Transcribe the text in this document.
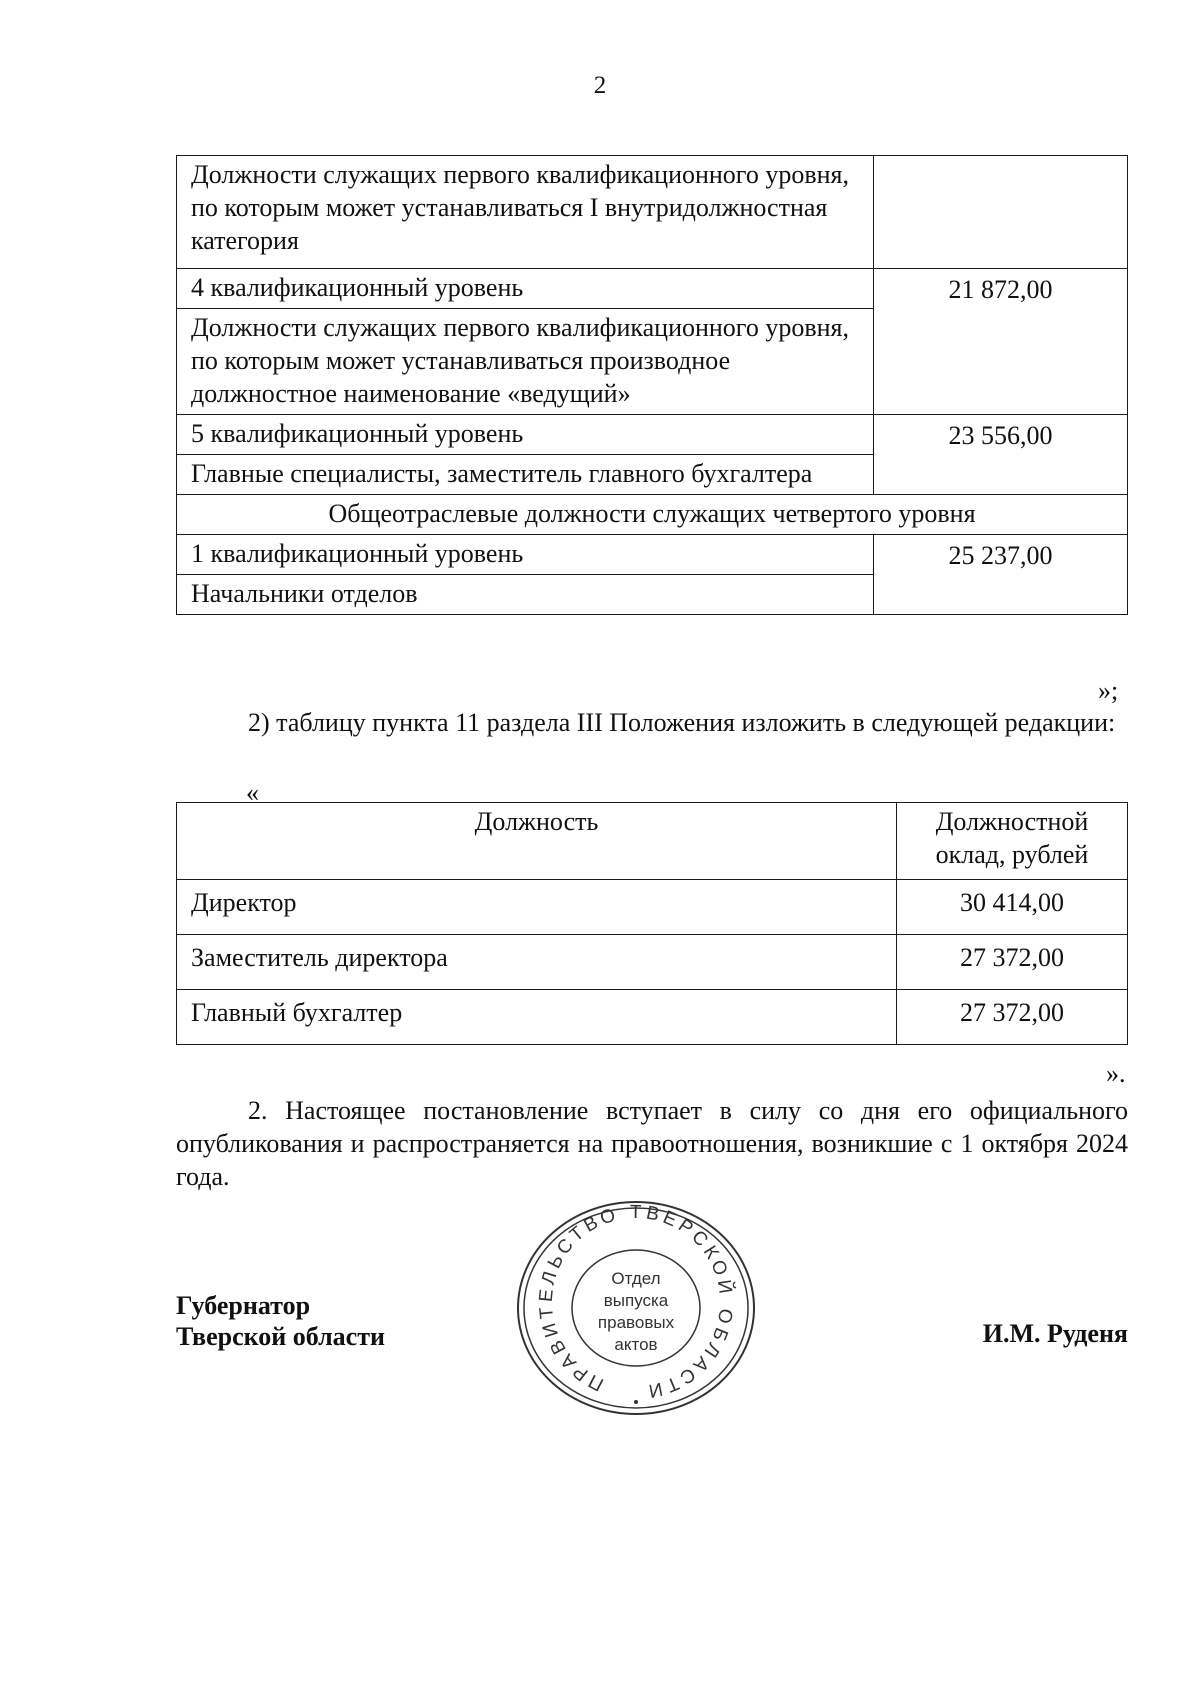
2
Должности служащих первого квалификационного уровня, по которым может устанавливаться I внутридолжностная категория	
4 квалификационный уровень	21 872,00
Должности служащих первого квалификационного уровня, по которым может устанавливаться производное должностное наименование «ведущий»	
5 квалификационный уровень	23 556,00
Главные специалисты, заместитель главного бухгалтера	
Общеотраслевые должности служащих четвертого уровня	
1 квалификационный уровень	25 237,00
Начальники отделов	
»;
2) таблицу пункта 11 раздела III Положения изложить в следующей редакции:
«
Должность	Должностной оклад, рублей
Директор	30 414,00
Заместитель директора	27 372,00
Главный бухгалтер	27 372,00
».
2. Настоящее постановление вступает в силу со дня его официального опубликования и распространяется на правоотношения, возникшие с 1 октября 2024 года.
Губернатор
Тверской области	И.М. Руденя
ПРАВИТЕЛЬСТВО ТВЕРСКОЙ ОБЛАСТИ
Отдел
выпуска
правовых
актов
